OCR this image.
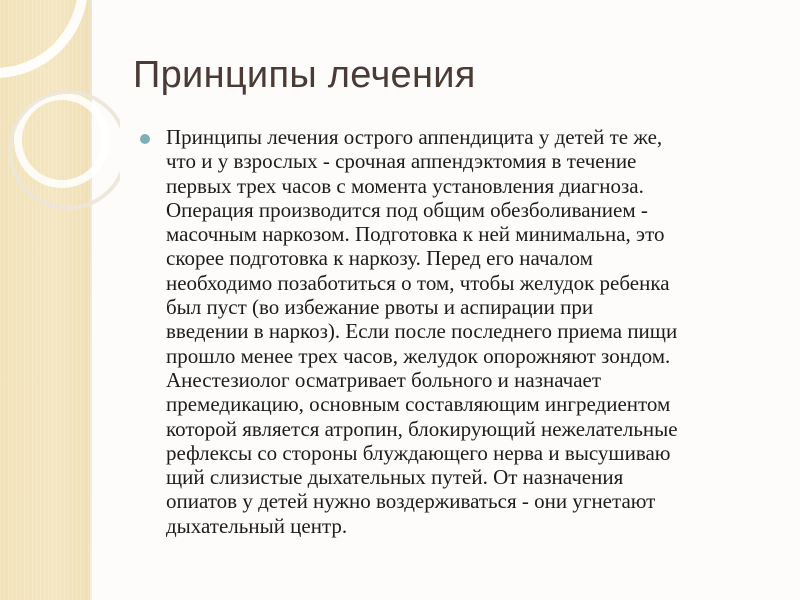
Принципы лечения
Принципы лечения острого аппендицита у детей те же,
что и у взрослых - срочная аппендэктомия в течение
первых трех часов с момента установления диагноза.
Операция производится под общим обезболиванием -
масочным наркозом. Подготовка к ней минимальна, это
скорее подготовка к наркозу. Перед его началом
необходимо позаботиться о том, чтобы желудок ребенка
был пуст (во избежание рвоты и аспирации при
введении в наркоз). Если после последнего приема пищи
прошло менее трех часов, желудок опорожняют зондом.
Анестезиолог осматривает больного и назначает
премедикацию, основным составляющим ингредиентом
которой является атропин, блокирующий нежелательные
рефлексы со стороны блуждающего нерва и высушиваю
щий слизистые дыхательных путей. От назначения
опиатов у детей нужно воздерживаться - они угнетают
дыхательный центр.
